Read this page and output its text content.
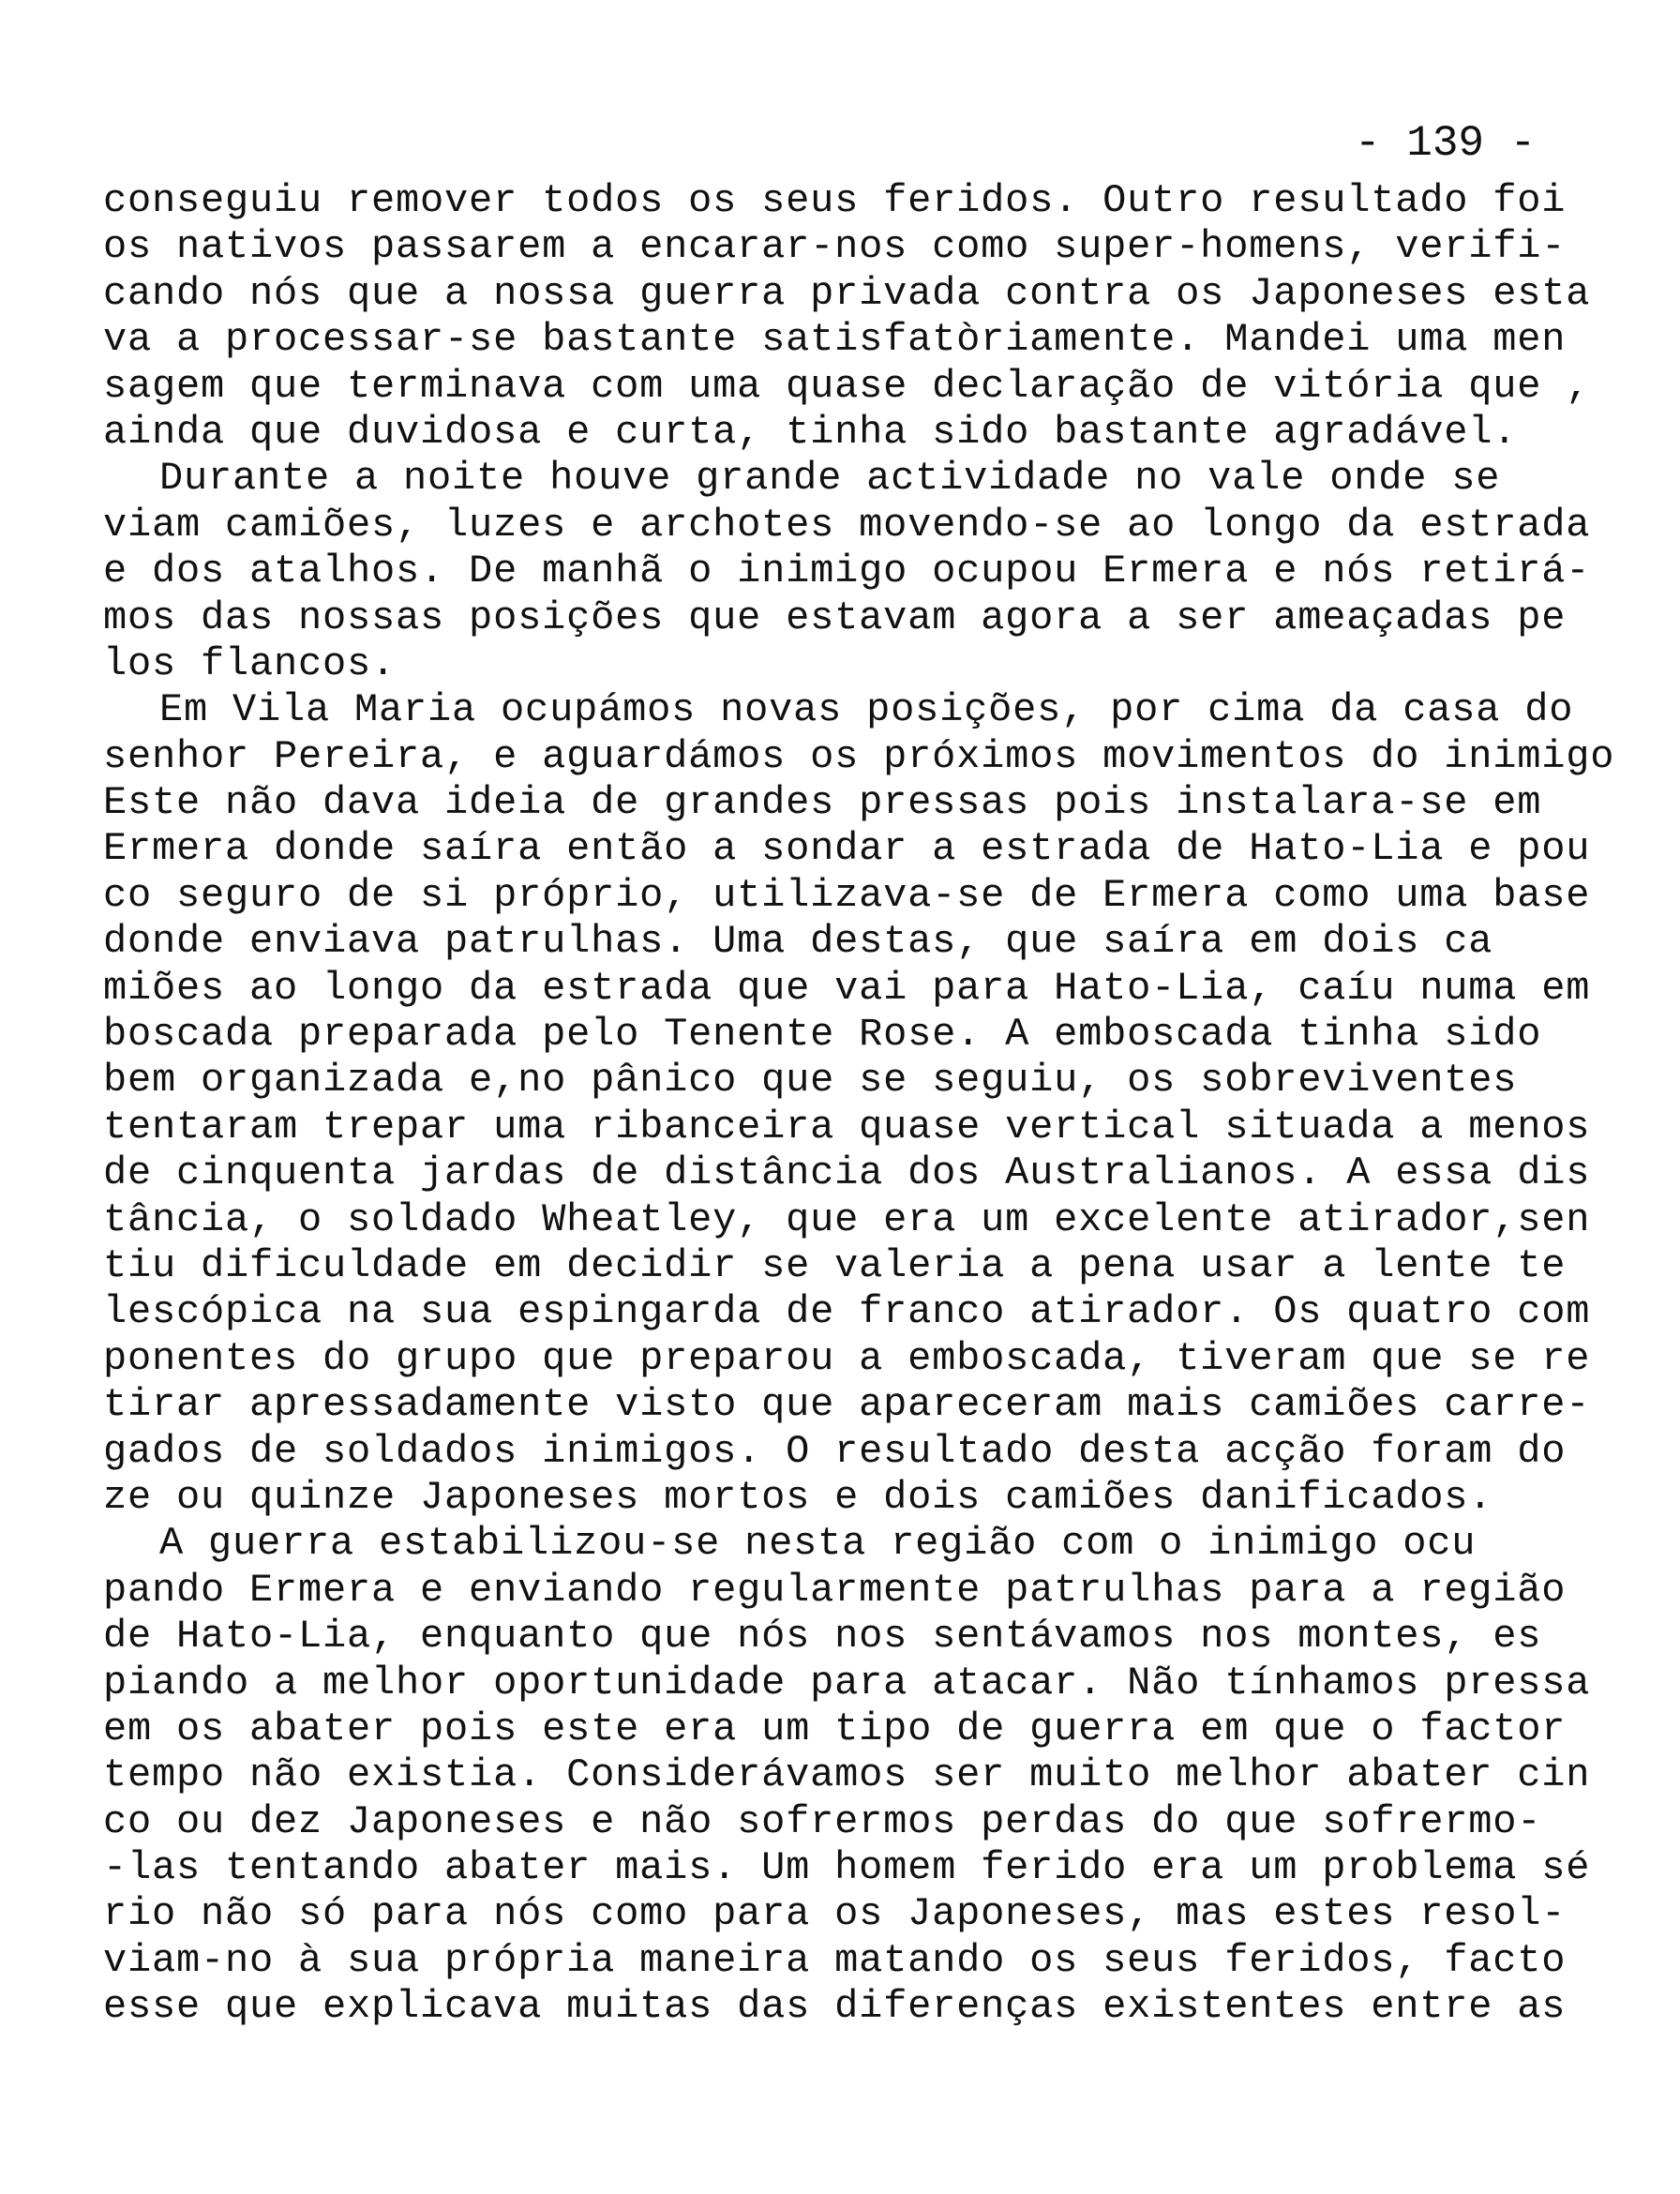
- 139 -
conseguiu remover todos os seus feridos. Outro resultado foi
os nativos passarem a encarar-nos como super-homens, verifi-
cando nós que a nossa guerra privada contra os Japoneses esta
va a processar-se bastante satisfatòriamente. Mandei uma men
sagem que terminava com uma quase declaração de vitória que ,
ainda que duvidosa e curta, tinha sido bastante agradável.
Durante a noite houve grande actividade no vale onde se
viam camiões, luzes e archotes movendo-se ao longo da estrada
e dos atalhos. De manhã o inimigo ocupou Ermera e nós retirá-
mos das nossas posições que estavam agora a ser ameaçadas pe
los flancos.
Em Vila Maria ocupámos novas posições, por cima da casa do
senhor Pereira, e aguardámos os próximos movimentos do inimigo
Este não dava ideia de grandes pressas pois instalara-se em
Ermera donde saíra então a sondar a estrada de Hato-Lia e pou
co seguro de si próprio, utilizava-se de Ermera como uma base
donde enviava patrulhas. Uma destas, que saíra em dois ca
miões ao longo da estrada que vai para Hato-Lia, caíu numa em
boscada preparada pelo Tenente Rose. A emboscada tinha sido
bem organizada e,no pânico que se seguiu, os sobreviventes
tentaram trepar uma ribanceira quase vertical situada a menos
de cinquenta jardas de distância dos Australianos. A essa dis
tância, o soldado Wheatley, que era um excelente atirador,sen
tiu dificuldade em decidir se valeria a pena usar a lente te
lescópica na sua espingarda de franco atirador. Os quatro com
ponentes do grupo que preparou a emboscada, tiveram que se re
tirar apressadamente visto que apareceram mais camiões carre-
gados de soldados inimigos. O resultado desta acção foram do
ze ou quinze Japoneses mortos e dois camiões danificados.
A guerra estabilizou-se nesta região com o inimigo ocu
pando Ermera e enviando regularmente patrulhas para a região
de Hato-Lia, enquanto que nós nos sentávamos nos montes, es
piando a melhor oportunidade para atacar. Não tínhamos pressa
em os abater pois este era um tipo de guerra em que o factor
tempo não existia. Considerávamos ser muito melhor abater cin
co ou dez Japoneses e não sofrermos perdas do que sofrermo-
-las tentando abater mais. Um homem ferido era um problema sé
rio não só para nós como para os Japoneses, mas estes resol-
viam-no à sua própria maneira matando os seus feridos, facto
esse que explicava muitas das diferenças existentes entre as
